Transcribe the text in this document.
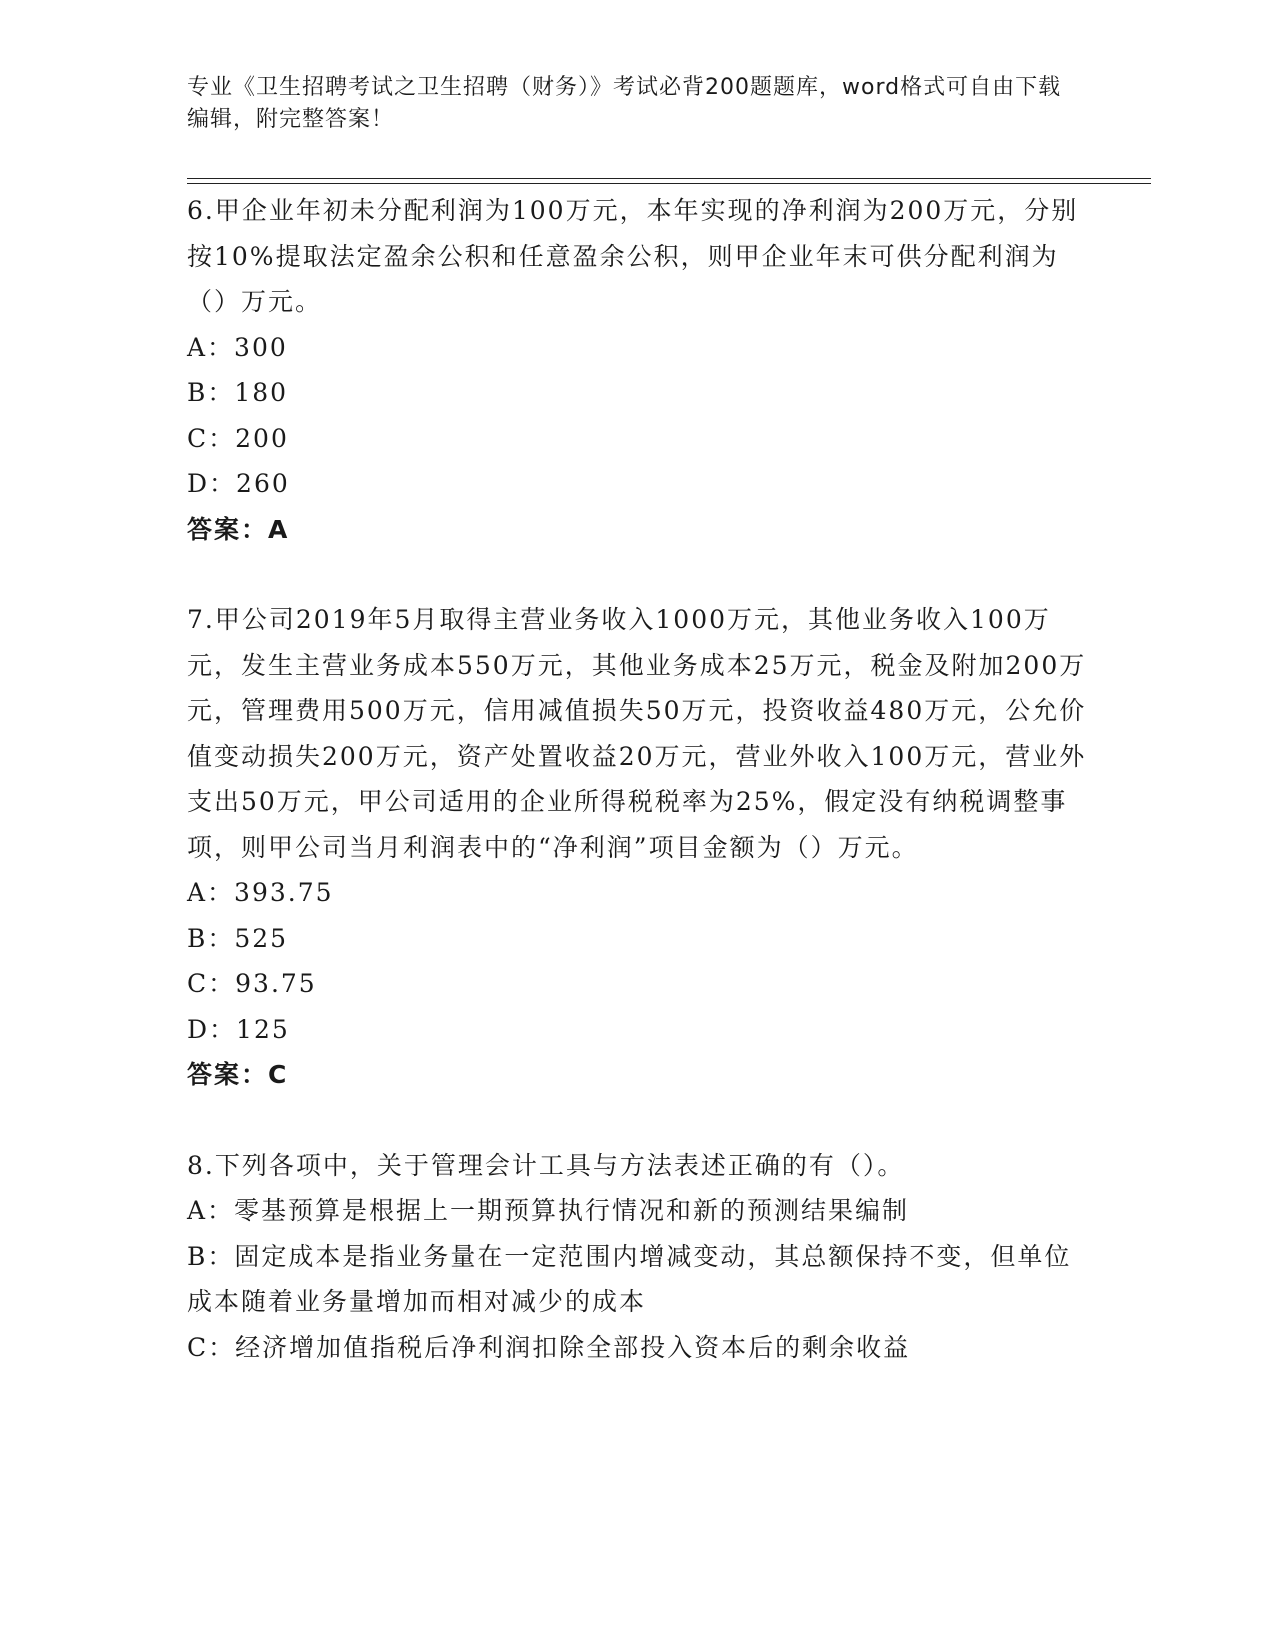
专业《卫生招聘考试之卫生招聘（财务）》考试必背200题题库，word格式可自由下载编辑，附完整答案！

6.甲企业年初未分配利润为100万元，本年实现的净利润为200万元，分别按10%提取法定盈余公积和任意盈余公积，则甲企业年末可供分配利润为（）万元。

A：300

B：180

C：200

D：260

答案：A

7.甲公司2019年5月取得主营业务收入1000万元，其他业务收入100万元，发生主营业务成本550万元，其他业务成本25万元，税金及附加200万元，管理费用500万元，信用减值损失50万元，投资收益480万元，公允价值变动损失200万元，资产处置收益20万元，营业外收入100万元，营业外支出50万元，甲公司适用的企业所得税税率为25%，假定没有纳税调整事项，则甲公司当月利润表中的“净利润”项目金额为（）万元。

A：393.75

B：525

C：93.75

D：125

答案：C

8.下列各项中，关于管理会计工具与方法表述正确的有（）。

A：零基预算是根据上一期预算执行情况和新的预测结果编制

B：固定成本是指业务量在一定范围内增减变动，其总额保持不变，但单位成本随着业务量增加而相对减少的成本

C：经济增加值指税后净利润扣除全部投入资本后的剩余收益
